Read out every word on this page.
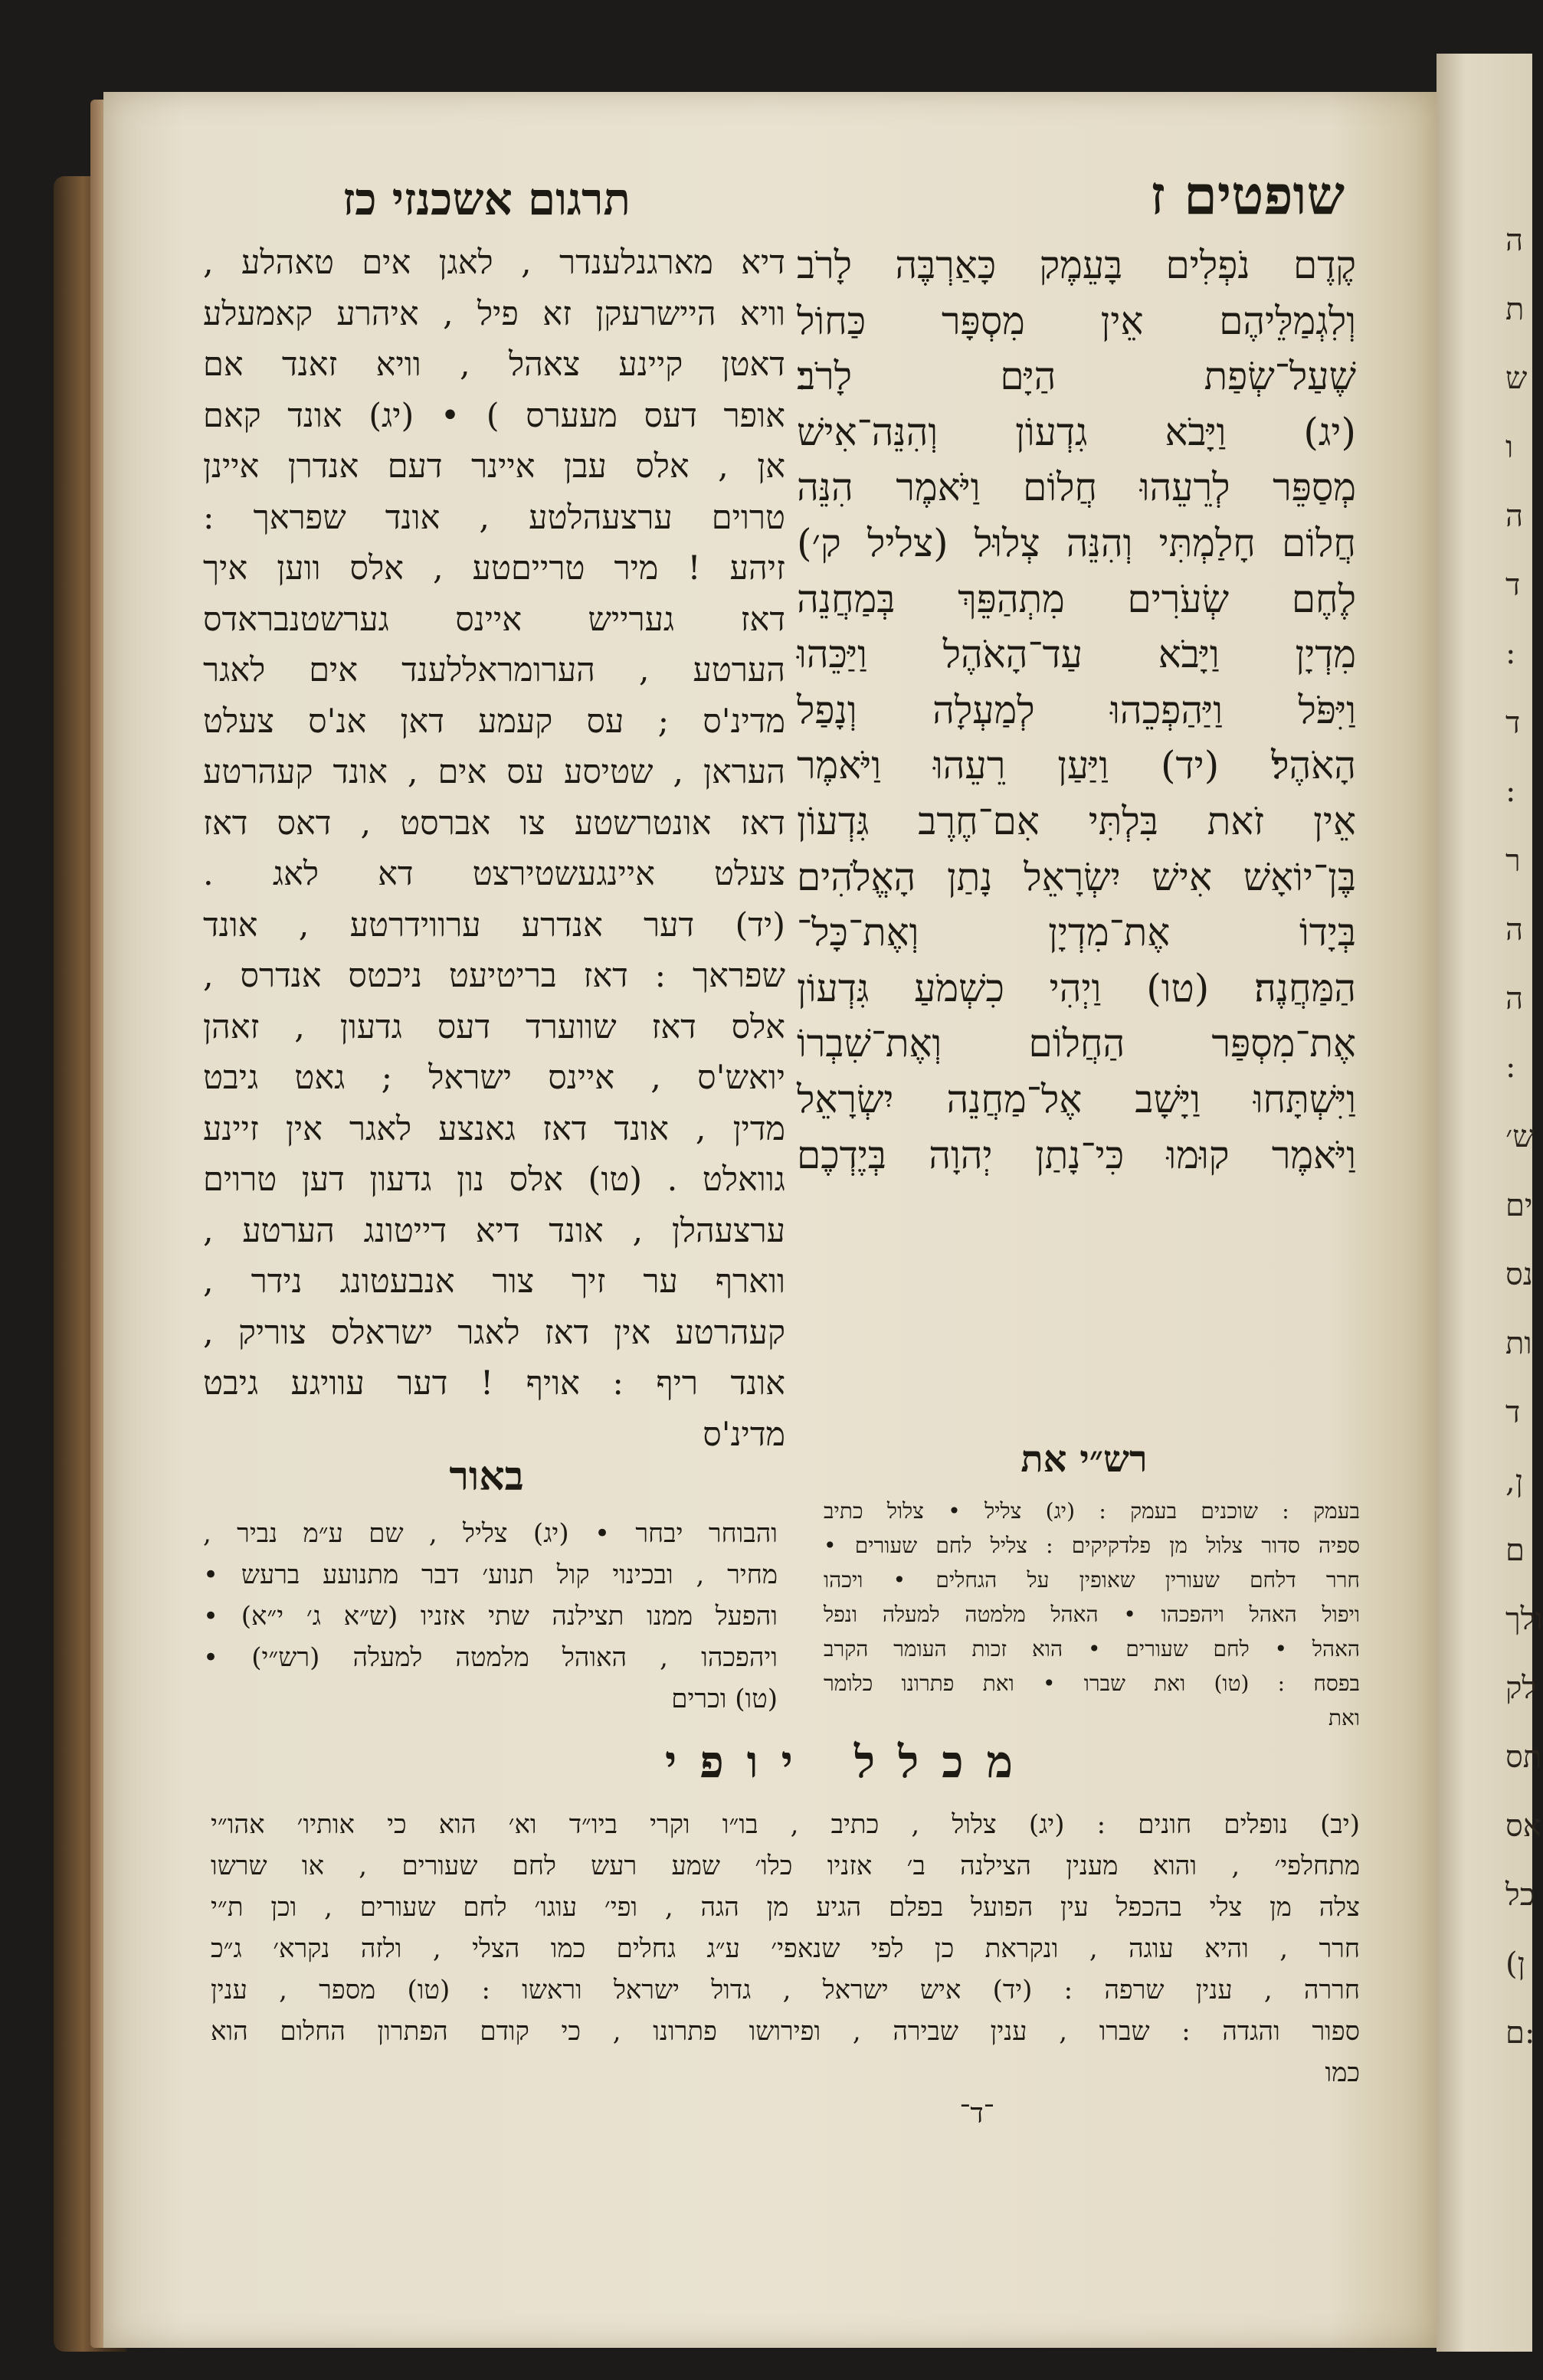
ה
ת
ש
ו
ה
ד
:
ד
:
ר
ה
ה
:
ש׳
ים
נס
ות
ד
ן,
ם
ולך
לק
תס
אס
כל
ן)
:ם
תרגום אשכנזי כז	שופטים ז
דיא מארגנלענדר , לאגן אים טאהלע ,
וויא היישרעקן זא פיל , איהרע קאמעלע
דאטן קיינע צאהל , וויא זאנד אם
אופר דעס מעערס ) • (יג) אונד קאם
אן , אלס עבן איינר דעם אנדרן איינן
טרוים ערצעהלטע , אונד שפראך :
זיהע ! מיר טרייםטע , אלס ווען איך
דאז גערייש איינס גערשטנבראדס
הערטע , הערומראללענד אים לאגר
מדינ'ס ; עס קעמע דאן אנ'ס צעלט
העראן , שטיסע עס אים , אונד קעהרטע
דאז אונטרשטע צו אברסט , דאס דאז
צעלט איינגעשטירצט דא לאג .
(יד) דער אנדרע ערווידרטע , אונד
שפראך : דאז בריטיעט ניכטס אנדרס ,
אלס דאז שווערד דעס גדעון , זאהן
יואש'ס , איינס ישראל ; גאט גיבט
מדין , אונד דאז גאנצע לאגר אין זיינע
גוואלט . (טו) אלס נון גדעון דען טרוים
ערצעהלן , אונד דיא דייטונג הערטע ,
ווארף ער זיך צור אנבעטונג נידר ,
קעהרטע אין דאז לאגר ישראלס צוריק ,
אונד ריף : אויף ! דער עוויגע גיבט
מדינ'ס
קֶדֶם נֹפְלִים בָּעֵמֶק כָּאַרְבֶּה לָרֹב
וְלִגְמַלֵּיהֶם אֵין מִסְפָּר כַּחוֹל
שֶׁעַל־שְׂפַת הַיָּם לָרֹב׃
(יג) וַיָּבֹא גִדְעוֹן וְהִנֵּה־אִישׁ
מְסַפֵּר לְרֵעֵהוּ חֲלוֹם וַיֹּאמֶר הִנֵּה
חֲלוֹם חָלַמְתִּי וְהִנֵּה צְלוּל (צליל ק׳)
לֶחֶם שְׂעֹרִים מִתְהַפֵּךְ בְּמַחֲנֵה
מִדְיָן וַיָּבֹא עַד־הָאֹהֶל וַיַּכֵּהוּ
וַיִּפֹּל וַיַּהַפְכֵהוּ לְמַעְלָה וְנָפַל
הָאֹהֶל׃ (יד) וַיַּעַן רֵעֵהוּ וַיֹּאמֶר
אֵין זֹאת בִּלְתִּי אִם־חֶרֶב גִּדְעוֹן
בֶּן־יוֹאָשׁ אִישׁ יִשְׂרָאֵל נָתַן הָאֱלֹהִים
בְּיָדוֹ אֶת־מִדְיָן וְאֶת־כָּל־
הַמַּחֲנֶה׃ (טו) וַיְהִי כִשְׁמֹעַ גִּדְעוֹן
אֶת־מִסְפַּר הַחֲלוֹם וְאֶת־שִׁבְרוֹ
וַיִּשְׁתָּחוּ וַיָּשָׁב אֶל־מַחֲנֵה יִשְׂרָאֵל
וַיֹּאמֶר קוּמוּ כִּי־נָתַן יְהוָה בְּיֶדְכֶם
באור
והבוחר יבחר • (יג) צליל , שם ע״מ נביר ,
מחיר , ובכינוי קול תנוע׳ דבר מתנועע ברעש •
והפעל ממנו תצילנה שתי אזניו (ש״א ג׳ י״א) •
ויהפכהו , האוהל מלמטה למעלה (רש״י) •
(טו) וכרים
רש״י את
בעמק : שוכנים בעמק : (יג) צליל • צלול כתיב
ספיה סדור צלול מן פלדקיקים : צליל לחם שעורים •
חרר דלחם שעורין שאופין על הגחלים • ויכהו
ויפול האהל ויהפכהו • האהל מלמטה למעלה ונפל
האהל • לחם שעורים • הוא זכות העומר הקרב
בפסח : (טו) ואת שברו • ואת פתרונו כלומר
ואת
מכלל יופי
(יב) נופלים חונים : (יג) צלול , כתיב , בו״ו וקרי ביו״ד וא׳ הוא כי אותיו׳ אהו״י
מתחלפי׳ , והוא מענין הצילנה ב׳ אזניו כלו׳ שמע רעש לחם שעורים , או שרשו
צלה מן צלי בהכפל עין הפועל בפלם הגיע מן הגה , ופי׳ עוגו׳ לחם שעורים , וכן ת״י
חרר , והיא עוגה , ונקראת כן לפי שנאפי׳ ע״ג גחלים כמו הצלי , ולזה נקרא׳ ג״כ
חררה , ענין שרפה : (יד) איש ישראל , גדול ישראל וראשו : (טו) מספר , ענין
ספור והגדה : שברו , ענין שבירה , ופירושו פתרונו , כי קודם הפתרון החלום הוא
כמו
־ד־
